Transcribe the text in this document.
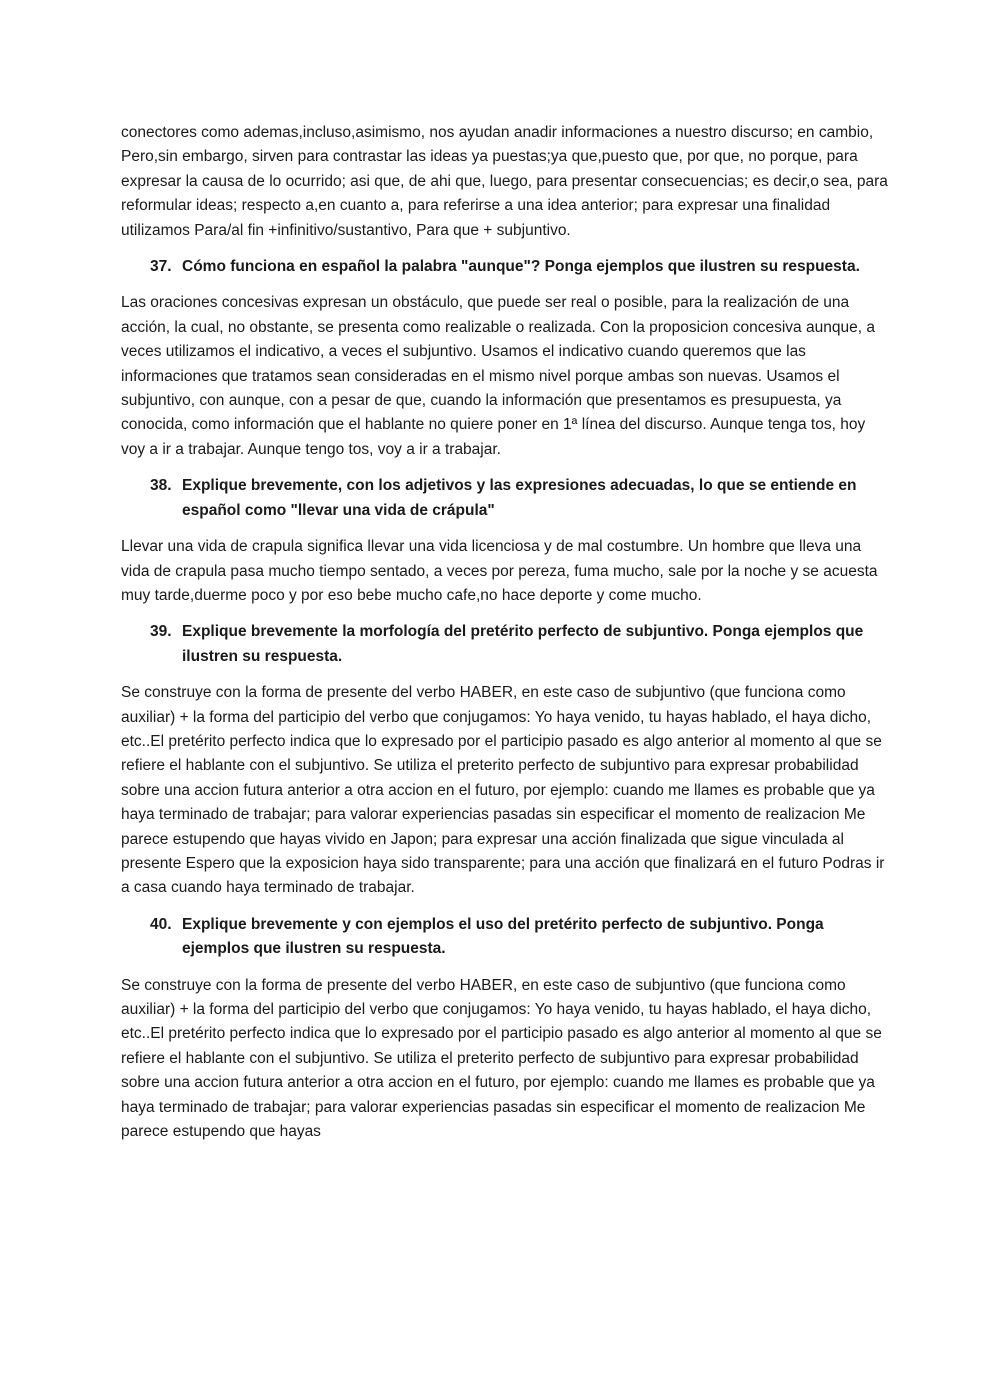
conectores como ademas,incluso,asimismo, nos ayudan anadir informaciones a nuestro discurso; en cambio, Pero,sin embargo, sirven para contrastar las ideas ya puestas;ya que,puesto que, por que, no porque, para expresar la causa de lo ocurrido; asi que, de ahi que, luego, para presentar consecuencias; es decir,o sea, para reformular ideas; respecto a,en cuanto a, para referirse a una idea anterior; para expresar una finalidad utilizamos Para/al fin +infinitivo/sustantivo, Para que + subjuntivo.

37. Cómo funciona en español la palabra "aunque"? Ponga ejemplos que ilustren su respuesta.

Las oraciones concesivas expresan un obstáculo, que puede ser real o posible, para la realización de una acción, la cual, no obstante, se presenta como realizable o realizada. Con la proposicion concesiva aunque, a veces utilizamos el indicativo, a veces el subjuntivo. Usamos el indicativo cuando queremos que las informaciones que tratamos sean consideradas en el mismo nivel porque ambas son nuevas. Usamos el subjuntivo, con aunque, con a pesar de que, cuando la información que presentamos es presupuesta, ya conocida, como información que el hablante no quiere poner en 1ª línea del discurso. Aunque tenga tos, hoy voy a ir a trabajar. Aunque tengo tos, voy a ir a trabajar.

38. Explique brevemente, con los adjetivos y las expresiones adecuadas, lo que se entiende en español como "llevar una vida de crápula"

Llevar una vida de crapula significa llevar una vida licenciosa y de mal costumbre. Un hombre que lleva una vida de crapula pasa mucho tiempo sentado, a veces por pereza, fuma mucho, sale por la noche y se acuesta muy tarde,duerme poco y por eso bebe mucho cafe,no hace deporte y come mucho.

39. Explique brevemente la morfología del pretérito perfecto de subjuntivo. Ponga ejemplos que ilustren su respuesta.

Se construye con la forma de presente del verbo HABER, en este caso de subjuntivo (que funciona como auxiliar) + la forma del participio del verbo que conjugamos: Yo haya venido, tu hayas hablado, el haya dicho, etc..El pretérito perfecto indica que lo expresado por el participio pasado es algo anterior al momento al que se refiere el hablante con el subjuntivo. Se utiliza el preterito perfecto de subjuntivo para expresar probabilidad sobre una accion futura anterior a otra accion en el futuro, por ejemplo: cuando me llames es probable que ya haya terminado de trabajar; para valorar experiencias pasadas sin especificar el momento de realizacion Me parece estupendo que hayas vivido en Japon; para expresar una acción finalizada que sigue vinculada al presente Espero que la exposicion haya sido transparente; para una acción que finalizará en el futuro Podras ir a casa cuando haya terminado de trabajar.

40. Explique brevemente y con ejemplos el uso del pretérito perfecto de subjuntivo. Ponga ejemplos que ilustren su respuesta.

Se construye con la forma de presente del verbo HABER, en este caso de subjuntivo (que funciona como auxiliar) + la forma del participio del verbo que conjugamos: Yo haya venido, tu hayas hablado, el haya dicho, etc..El pretérito perfecto indica que lo expresado por el participio pasado es algo anterior al momento al que se refiere el hablante con el subjuntivo. Se utiliza el preterito perfecto de subjuntivo para expresar probabilidad sobre una accion futura anterior a otra accion en el futuro, por ejemplo: cuando me llames es probable que ya haya terminado de trabajar; para valorar experiencias pasadas sin especificar el momento de realizacion Me parece estupendo que hayas
